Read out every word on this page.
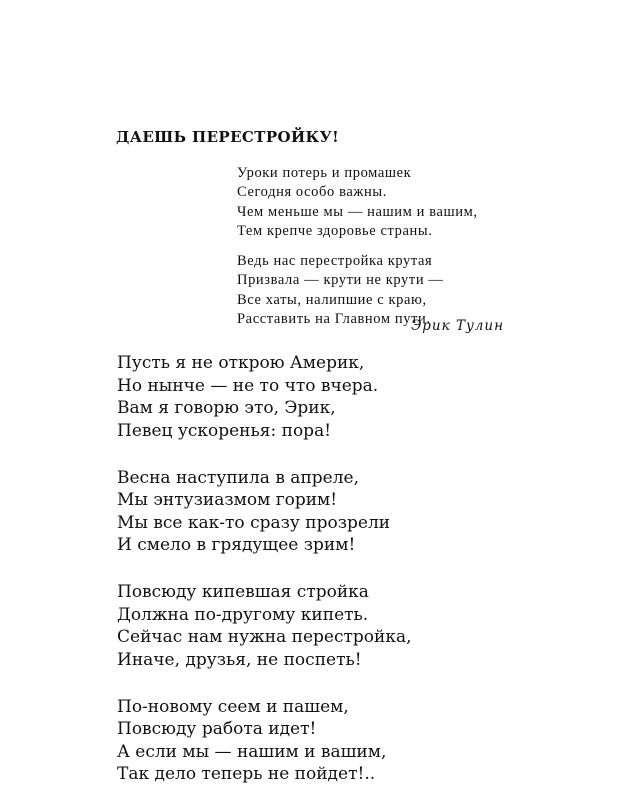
ДАЕШЬ ПЕРЕСТРОЙКУ!
Уроки потерь и промашек
Сегодня особо важны.
Чем меньше мы — нашим и вашим,
Тем крепче здоровье страны.
Ведь нас перестройка крутая
Призвала — крути не крути —
Все хаты, налипшие с краю,
Расставить на Главном пути.
Эрик Тулин
Пусть я не открою Америк,
Но нынче — не то что вчера.
Вам я говорю это, Эрик,
Певец ускоренья: пора!
Весна наступила в апреле,
Мы энтузиазмом горим!
Мы все как-то сразу прозрели
И смело в грядущее зрим!
Повсюду кипевшая стройка
Должна по-другому кипеть.
Сейчас нам нужна перестройка,
Иначе, друзья, не поспеть!
По-новому сеем и пашем,
Повсюду работа идет!
А если мы — нашим и вашим,
Так дело теперь не пойдет!..
